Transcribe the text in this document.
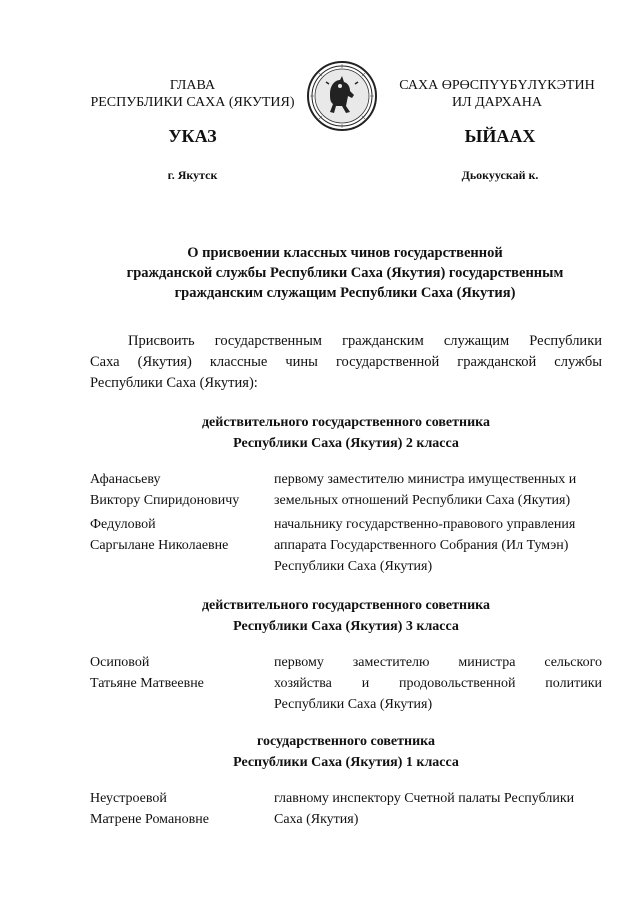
ГЛАВА
РЕСПУБЛИКИ САХА (ЯКУТИЯ)
САХА ӨРӨСПҮҮБҮЛҮКЭТИН
ИЛ ДАРХАНА
УКАЗ	ЫЙААХ
г. Якутск	Дьокуускай к.
О присвоении классных чинов государственной
гражданской службы Республики Саха (Якутия) государственным
гражданским служащим Республики Саха (Якутия)
Присвоить государственным гражданским служащим Республики
Саха (Якутия) классные чины государственной гражданской службы
Республики Саха (Якутия):
действительного государственного советника
Республики Саха (Якутия) 2 класса
Афанасьеву
Виктору Спиридоновичу
первому заместителю министра имущественных и
земельных отношений Республики Саха (Якутия)
Федуловой
Саргылане Николаевне
начальнику государственно-правового управления
аппарата Государственного Собрания (Ил Тумэн)
Республики Саха (Якутия)
действительного государственного советника
Республики Саха (Якутия) 3 класса
Осиповой
Татьяне Матвеевне
первому заместителю министра сельского
хозяйства и продовольственной политики
Республики Саха (Якутия)
государственного советника
Республики Саха (Якутия) 1 класса
Неустроевой
Матрене Романовне
главному инспектору Счетной палаты Республики
Саха (Якутия)
